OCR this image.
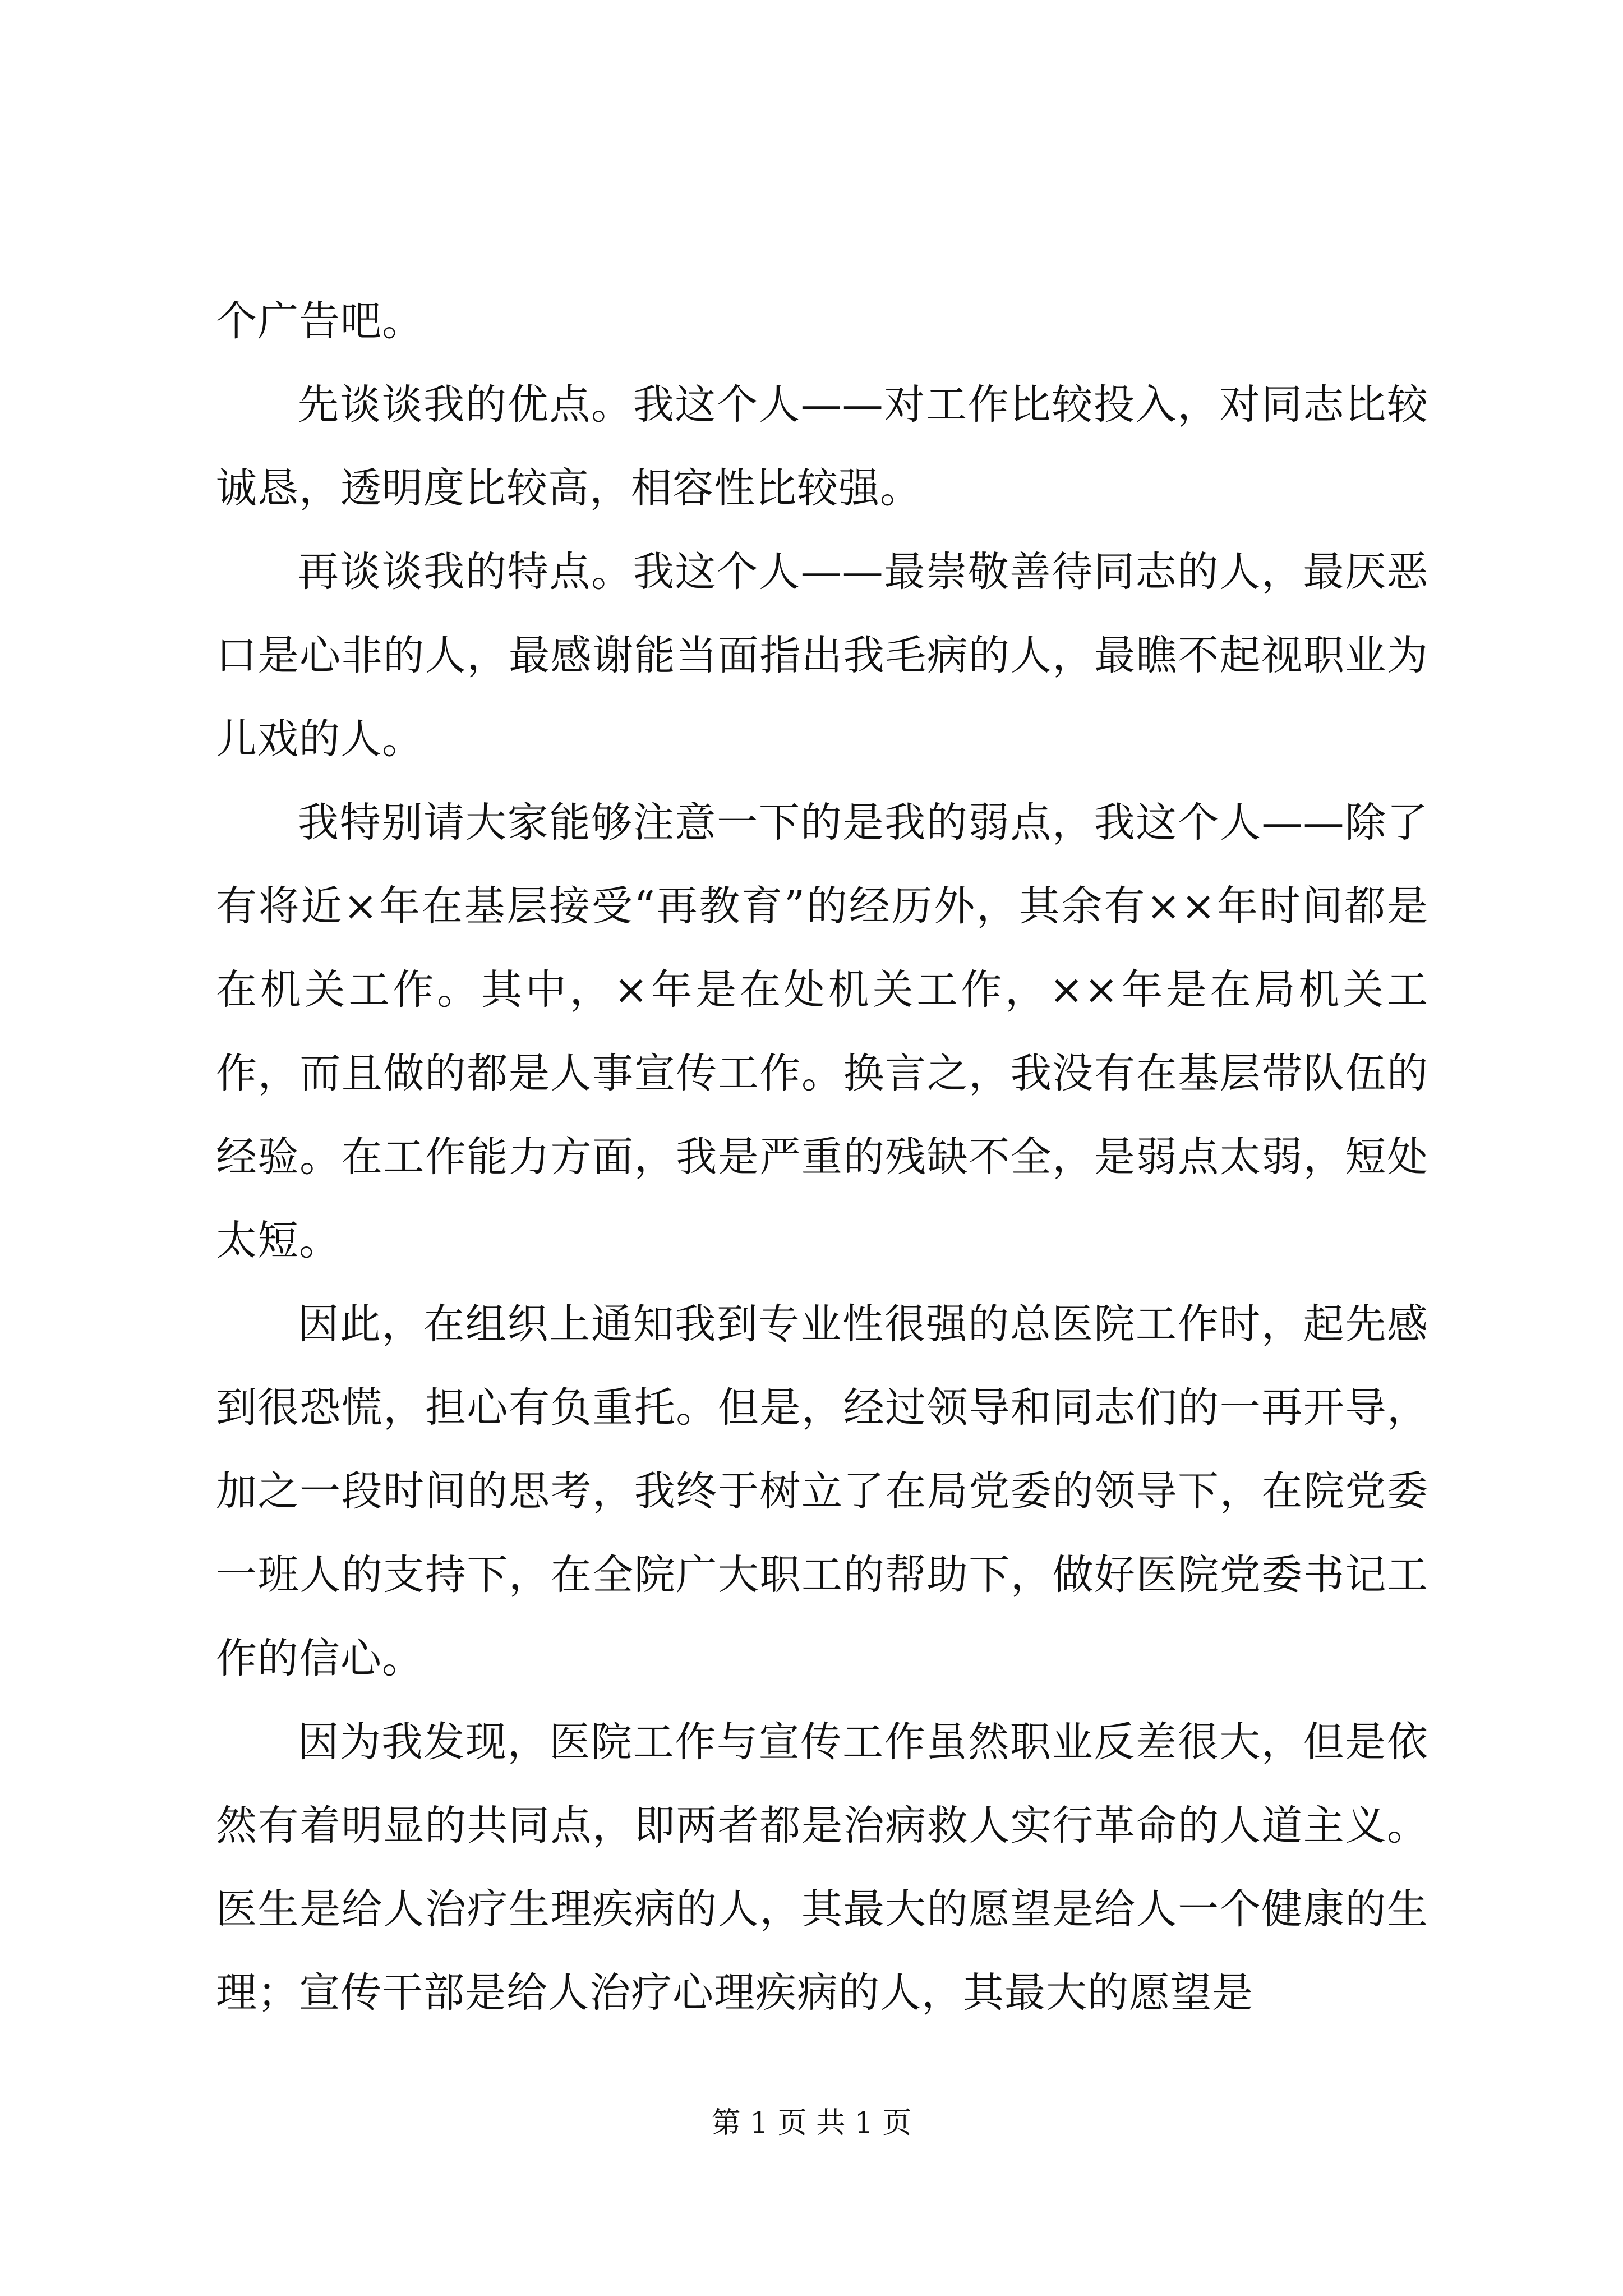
个广告吧。

先谈谈我的优点。我这个人——对工作比较投入，对同志比较诚恳，透明度比较高，相容性比较强。

再谈谈我的特点。我这个人——最崇敬善待同志的人，最厌恶口是心非的人，最感谢能当面指出我毛病的人，最瞧不起视职业为儿戏的人。

我特别请大家能够注意一下的是我的弱点，我这个人——除了有将近×年在基层接受“再教育”的经历外，其余有××年时间都是在机关工作。其中，×年是在处机关工作，××年是在局机关工作，而且做的都是人事宣传工作。换言之，我没有在基层带队伍的经验。在工作能力方面，我是严重的残缺不全，是弱点太弱，短处太短。

因此，在组织上通知我到专业性很强的总医院工作时，起先感到很恐慌，担心有负重托。但是，经过领导和同志们的一再开导，加之一段时间的思考，我终于树立了在局党委的领导下，在院党委一班人的支持下，在全院广大职工的帮助下，做好医院党委书记工作的信心。

因为我发现，医院工作与宣传工作虽然职业反差很大，但是依然有着明显的共同点，即两者都是治病救人实行革命的人道主义。医生是给人治疗生理疾病的人，其最大的愿望是给人一个健康的生理；宣传干部是给人治疗心理疾病的人，其最大的愿望是

第 1 页 共 1 页
